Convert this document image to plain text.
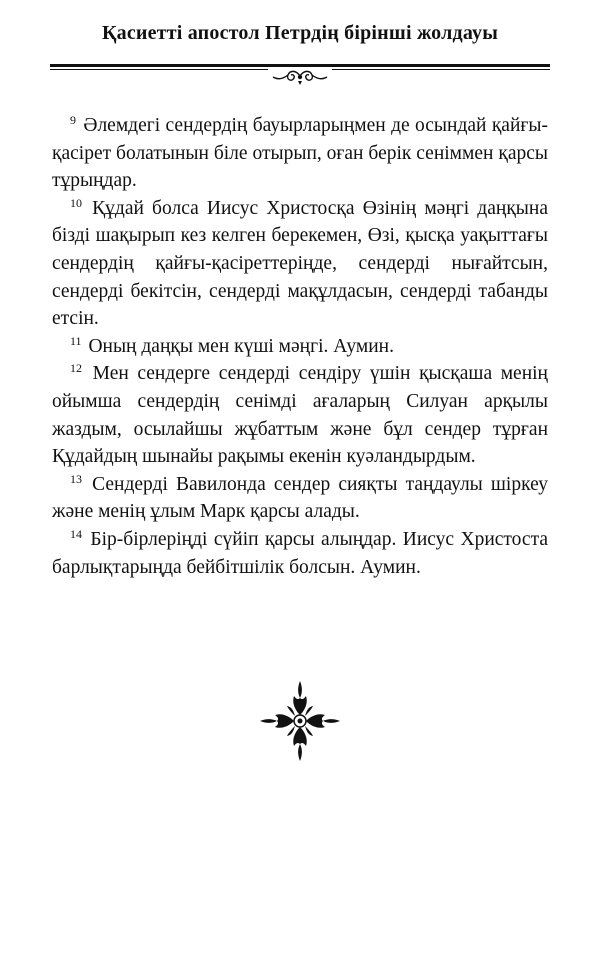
Қасиетті апостол Петрдің бірінші жолдауы

$^9$ Әлемдегі сендердің бауырларыңмен де осындай қайғы-қасірет болатынын біле отырып, оған берік сеніммен қарсы тұрыңдар.

$^{10}$ Құдай болса Иисус Христосқа Өзінің мәңгі даңқына бізді шақырып кез келген берекемен, Өзі, қысқа уақыттағы сендердің қайғы-қасіреттеріңде, сендерді нығайтсын, сендерді бекітсін, сендерді мақұлдасын, сендерді табанды етсін.

$^{11}$ Оның даңқы мен күші мәңгі. Аумин.

$^{12}$ Мен сендерге сендерді сендіру үшін қысқаша менің ойымша сендердің сенімді ағаларың Силуан арқылы жаздым, осылайшы жұбаттым және бұл сендер тұрған Құдайдың шынайы рақымы екенін куәландырдым.

$^{13}$ Сендерді Вавилонда сендер сияқты таңдаулы шіркеу және менің ұлым Марк қарсы алады.

$^{14}$ Бір-бірлеріңді сүйіп қарсы алыңдар. Иисус Христоста барлықтарыңда бейбітшілік болсын. Аумин.
